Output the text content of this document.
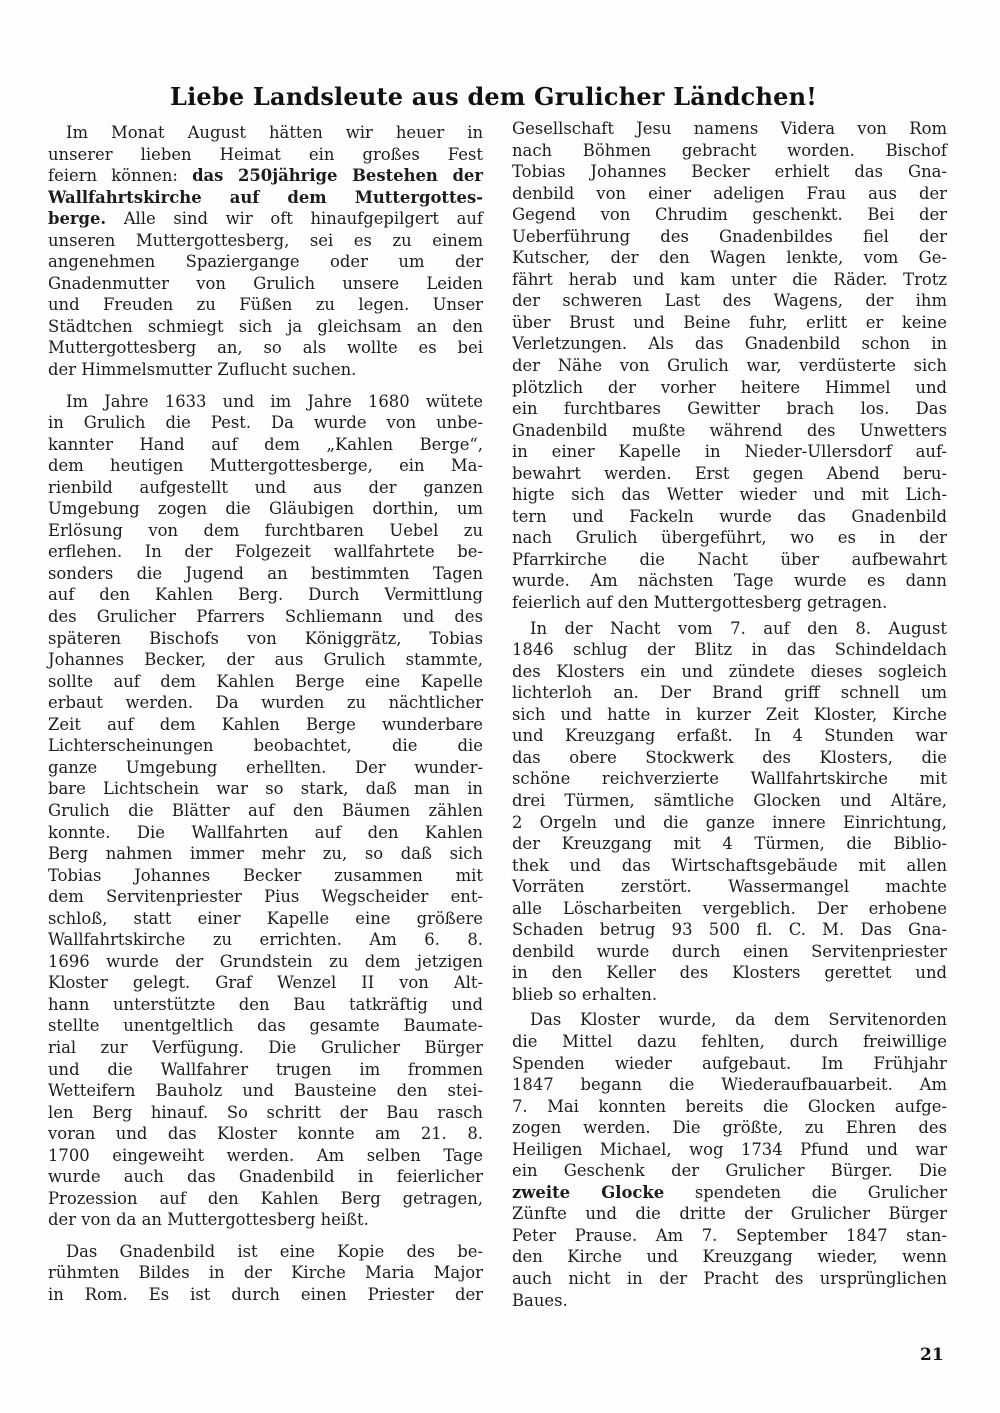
Liebe Landsleute aus dem Grulicher Ländchen!
Im Monat August hätten wir heuer in
unserer lieben Heimat ein großes Fest
feiern können: das 250jährige Bestehen der
Wallfahrtskirche auf dem Muttergottes-
berge. Alle sind wir oft hinaufgepilgert auf
unseren Muttergottesberg, sei es zu einem
angenehmen Spaziergange oder um der
Gnadenmutter von Grulich unsere Leiden
und Freuden zu Füßen zu legen. Unser
Städtchen schmiegt sich ja gleichsam an den
Muttergottesberg an, so als wollte es bei
der Himmelsmutter Zuflucht suchen.
Im Jahre 1633 und im Jahre 1680 wütete
in Grulich die Pest. Da wurde von unbe-
kannter Hand auf dem „Kahlen Berge“,
dem heutigen Muttergottesberge, ein Ma-
rienbild aufgestellt und aus der ganzen
Umgebung zogen die Gläubigen dorthin, um
Erlösung von dem furchtbaren Uebel zu
erflehen. In der Folgezeit wallfahrtete be-
sonders die Jugend an bestimmten Tagen
auf den Kahlen Berg. Durch Vermittlung
des Grulicher Pfarrers Schliemann und des
späteren Bischofs von Königgrätz, Tobias
Johannes Becker, der aus Grulich stammte,
sollte auf dem Kahlen Berge eine Kapelle
erbaut werden. Da wurden zu nächtlicher
Zeit auf dem Kahlen Berge wunderbare
Lichterscheinungen beobachtet, die die
ganze Umgebung erhellten. Der wunder-
bare Lichtschein war so stark, daß man in
Grulich die Blätter auf den Bäumen zählen
konnte. Die Wallfahrten auf den Kahlen
Berg nahmen immer mehr zu, so daß sich
Tobias Johannes Becker zusammen mit
dem Servitenpriester Pius Wegscheider ent-
schloß, statt einer Kapelle eine größere
Wallfahrtskirche zu errichten. Am 6. 8.
1696 wurde der Grundstein zu dem jetzigen
Kloster gelegt. Graf Wenzel II von Alt-
hann unterstützte den Bau tatkräftig und
stellte unentgeltlich das gesamte Baumate-
rial zur Verfügung. Die Grulicher Bürger
und die Wallfahrer trugen im frommen
Wetteifern Bauholz und Bausteine den stei-
len Berg hinauf. So schritt der Bau rasch
voran und das Kloster konnte am 21. 8.
1700 eingeweiht werden. Am selben Tage
wurde auch das Gnadenbild in feierlicher
Prozession auf den Kahlen Berg getragen,
der von da an Muttergottesberg heißt.
Das Gnadenbild ist eine Kopie des be-
rühmten Bildes in der Kirche Maria Major
in Rom. Es ist durch einen Priester der
Gesellschaft Jesu namens Videra von Rom
nach Böhmen gebracht worden. Bischof
Tobias Johannes Becker erhielt das Gna-
denbild von einer adeligen Frau aus der
Gegend von Chrudim geschenkt. Bei der
Ueberführung des Gnadenbildes fiel der
Kutscher, der den Wagen lenkte, vom Ge-
fährt herab und kam unter die Räder. Trotz
der schweren Last des Wagens, der ihm
über Brust und Beine fuhr, erlitt er keine
Verletzungen. Als das Gnadenbild schon in
der Nähe von Grulich war, verdüsterte sich
plötzlich der vorher heitere Himmel und
ein furchtbares Gewitter brach los. Das
Gnadenbild mußte während des Unwetters
in einer Kapelle in Nieder-Ullersdorf auf-
bewahrt werden. Erst gegen Abend beru-
higte sich das Wetter wieder und mit Lich-
tern und Fackeln wurde das Gnadenbild
nach Grulich übergeführt, wo es in der
Pfarrkirche die Nacht über aufbewahrt
wurde. Am nächsten Tage wurde es dann
feierlich auf den Muttergottesberg getragen.
In der Nacht vom 7. auf den 8. August
1846 schlug der Blitz in das Schindeldach
des Klosters ein und zündete dieses sogleich
lichterloh an. Der Brand griff schnell um
sich und hatte in kurzer Zeit Kloster, Kirche
und Kreuzgang erfaßt. In 4 Stunden war
das obere Stockwerk des Klosters, die
schöne reichverzierte Wallfahrtskirche mit
drei Türmen, sämtliche Glocken und Altäre,
2 Orgeln und die ganze innere Einrichtung,
der Kreuzgang mit 4 Türmen, die Biblio-
thek und das Wirtschaftsgebäude mit allen
Vorräten zerstört. Wassermangel machte
alle Löscharbeiten vergeblich. Der erhobene
Schaden betrug 93 500 fl. C. M. Das Gna-
denbild wurde durch einen Servitenpriester
in den Keller des Klosters gerettet und
blieb so erhalten.
Das Kloster wurde, da dem Servitenorden
die Mittel dazu fehlten, durch freiwillige
Spenden wieder aufgebaut. Im Frühjahr
1847 begann die Wiederaufbauarbeit. Am
7. Mai konnten bereits die Glocken aufge-
zogen werden. Die größte, zu Ehren des
Heiligen Michael, wog 1734 Pfund und war
ein Geschenk der Grulicher Bürger. Die
zweite Glocke spendeten die Grulicher
Zünfte und die dritte der Grulicher Bürger
Peter Prause. Am 7. September 1847 stan-
den Kirche und Kreuzgang wieder, wenn
auch nicht in der Pracht des ursprünglichen
Baues.
21
